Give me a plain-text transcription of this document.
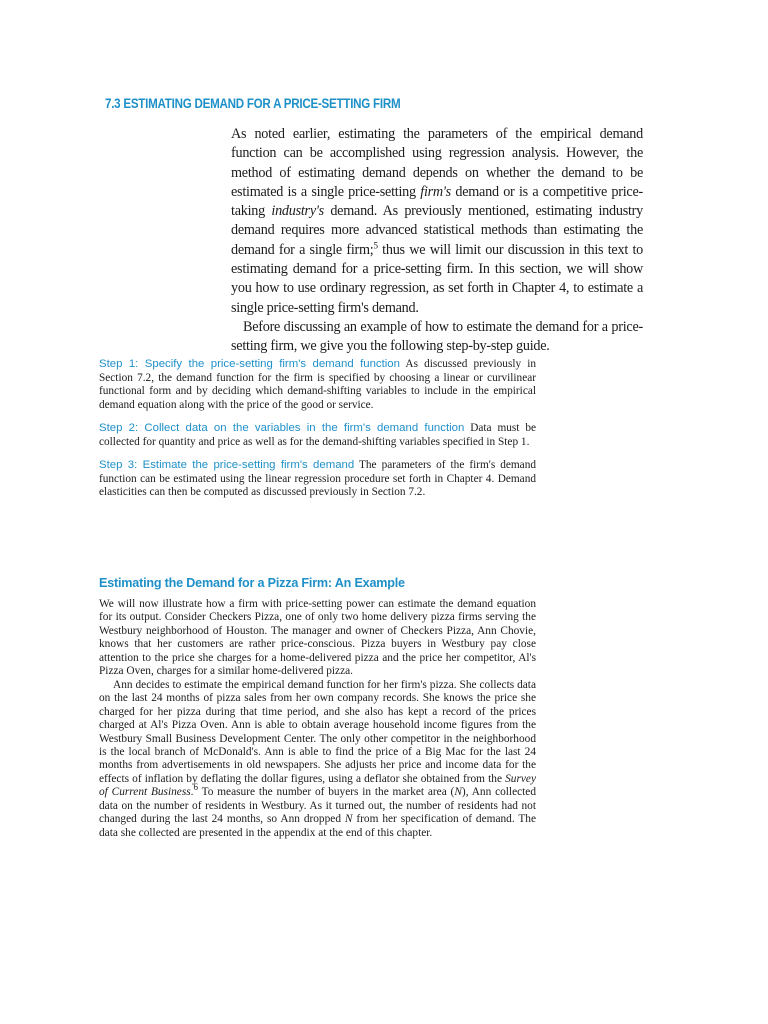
7.3 ESTIMATING DEMAND FOR A PRICE-SETTING FIRM

As noted earlier, estimating the parameters of the empirical demand function can be accomplished using regression analysis. However, the method of estimating demand depends on whether the demand to be estimated is a single price-setting firm's demand or is a competitive price-taking industry's demand. As previously mentioned, estimating industry demand requires more advanced statistical methods than estimating the demand for a single firm;$^5$ thus we will limit our discussion in this text to estimating demand for a price-setting firm. In this section, we will show you how to use ordinary regression, as set forth in Chapter 4, to estimate a single price-setting firm's demand.

Before discussing an example of how to estimate the demand for a price-setting firm, we give you the following step-by-step guide.

Step 1: Specify the price-setting firm's demand function As discussed previously in Section 7.2, the demand function for the firm is specified by choosing a linear or curvilinear functional form and by deciding which demand-shifting variables to include in the empirical demand equation along with the price of the good or service.

Step 2: Collect data on the variables in the firm's demand function Data must be collected for quantity and price as well as for the demand-shifting variables specified in Step 1.

Step 3: Estimate the price-setting firm's demand The parameters of the firm's demand function can be estimated using the linear regression procedure set forth in Chapter 4. Demand elasticities can then be computed as discussed previously in Section 7.2.

Estimating the Demand for a Pizza Firm: An Example

We will now illustrate how a firm with price-setting power can estimate the demand equation for its output. Consider Checkers Pizza, one of only two home delivery pizza firms serving the Westbury neighborhood of Houston. The manager and owner of Checkers Pizza, Ann Chovie, knows that her customers are rather price-conscious. Pizza buyers in Westbury pay close attention to the price she charges for a home-delivered pizza and the price her competitor, Al's Pizza Oven, charges for a similar home-delivered pizza.

Ann decides to estimate the empirical demand function for her firm's pizza. She collects data on the last 24 months of pizza sales from her own company records. She knows the price she charged for her pizza during that time period, and she also has kept a record of the prices charged at Al's Pizza Oven. Ann is able to obtain average household income figures from the Westbury Small Business Development Center. The only other competitor in the neighborhood is the local branch of McDonald's. Ann is able to find the price of a Big Mac for the last 24 months from advertisements in old newspapers. She adjusts her price and income data for the effects of inflation by deflating the dollar figures, using a deflator she obtained from the Survey of Current Business.$^6$ To measure the number of buyers in the market area (N), Ann collected data on the number of residents in Westbury. As it turned out, the number of residents had not changed during the last 24 months, so Ann dropped N from her specification of demand. The data she collected are presented in the appendix at the end of this chapter.
